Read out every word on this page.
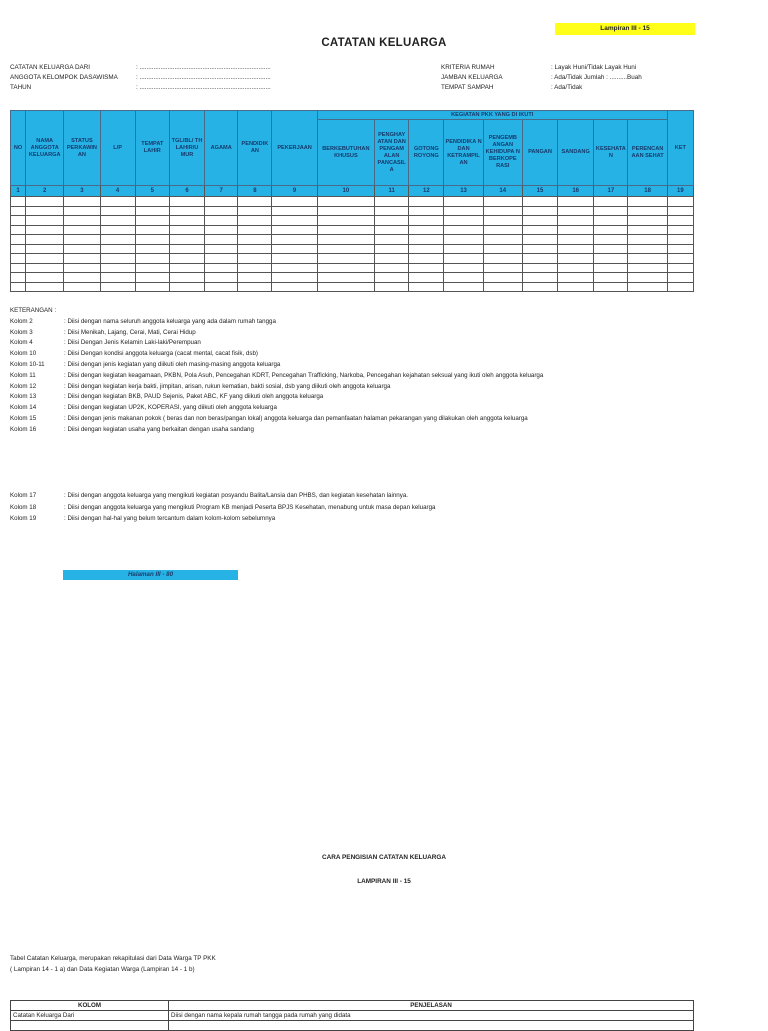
Lampiran III - 15
CATATAN KELUARGA
CATATAN KELUARGA DARI	: ...........................................................................
ANGGOTA KELOMPOK DASAWISMA	: ...........................................................................
TAHUN	: ...........................................................................
KRITERIA RUMAH	: Layak Huni/Tidak Layak Huni
JAMBAN KELUARGA	: Ada/Tidak Jumlah : ..........Buah
TEMPAT SAMPAH	: Ada/Tidak
NO	NAMA ANGGOTA KELUARGA	STATUS PERKAWIN AN	L/P	TEMPAT LAHIR	TGL/BL/ TH LAHIR/U MUR	AGAMA	PENDIDIK AN	PEKERJAAN	KEGIATAN PKK YANG DI IKUTI									KET
									BERKEBUTUHAN KHUSUS	PENGHAY ATAN DAN PENGAM ALAN PANCASIL A	GOTONG ROYONG	PENDIDIKA N DAN KETRAMPIL AN	PENGEMB ANGAN KEHIDUPA N BERKOPE RASI	PANGAN	SANDANG	KESEHATA N	PERENCAN AAN SEHAT	
1	2	3	4	5	6	7	8	9	10	11	12	13	14	15	16	17	18	19

KETERANGAN :
Kolom 2	: Diisi dengan nama seluruh anggota keluarga yang ada dalam rumah tangga
Kolom 3	: Diisi Menikah, Lajang, Cerai, Mati, Cerai Hidup
Kolom 4	: Diisi Dengan Jenis Kelamin Laki-laki/Perempuan
Kolom 10	: Diisi Dengan kondisi anggota keluarga (cacat mental, cacat fisik, dsb)
Kolom 10-11	: Diisi dengan jenis kegiatan yang diikuti oleh masing-masing anggota keluarga
Kolom 11	: Diisi dengan kegiatan keagamaan, PKBN, Pola Asuh, Pencegahan KDRT, Pencegahan Trafficking, Narkoba, Pencegahan kejahatan seksual yang ikuti oleh anggota keluarga
Kolom 12	: Diisi dengan kegiatan kerja bakti, jimpitan, arisan, rukun kematian, bakti sosial, dsb yang diikuti oleh anggota keluarga
Kolom 13	: Diisi dengan kegiatan BKB, PAUD Sejenis, Paket ABC, KF yang diikuti oleh anggota keluarga
Kolom 14	: Diisi dengan kegiatan UP2K, KOPERASI, yang diikuti oleh anggota keluarga
Kolom 15	: Diisi dengan jenis makanan pokok ( beras dan non beras/pangan lokal) anggota keluarga dan pemanfaatan halaman pekarangan yang dilakukan oleh anggota keluarga
Kolom 16	: Diisi dengan kegiatan usaha yang berkaitan dengan usaha sandang
Kolom 17	: Diisi dengan anggota keluarga yang mengikuti kegiatan posyandu Balita/Lansia dan PHBS, dan kegiatan kesehatan lainnya.
Kolom 18	: Diisi dengan anggota keluarga yang mengikuti Program KB menjadi Peserta BPJS Kesehatan, menabung untuk masa depan keluarga
Kolom 19	: Diisi dengan hal-hal yang belum tercantum dalam kolom-kolom sebelumnya
Halaman III - 80
CARA PENGISIAN CATATAN KELUARGA
LAMPIRAN III - 15
Tabel Catatan Keluarga, merupakan rekapitulasi dari Data Warga TP PKK
( Lampiran 14 - 1 a) dan Data Kegiatan Warga (Lampiran 14 - 1 b)
KOLOM	PENJELASAN
Catatan Keluarga Dari	Diisi dengan nama kepala rumah tangga pada rumah yang didata
